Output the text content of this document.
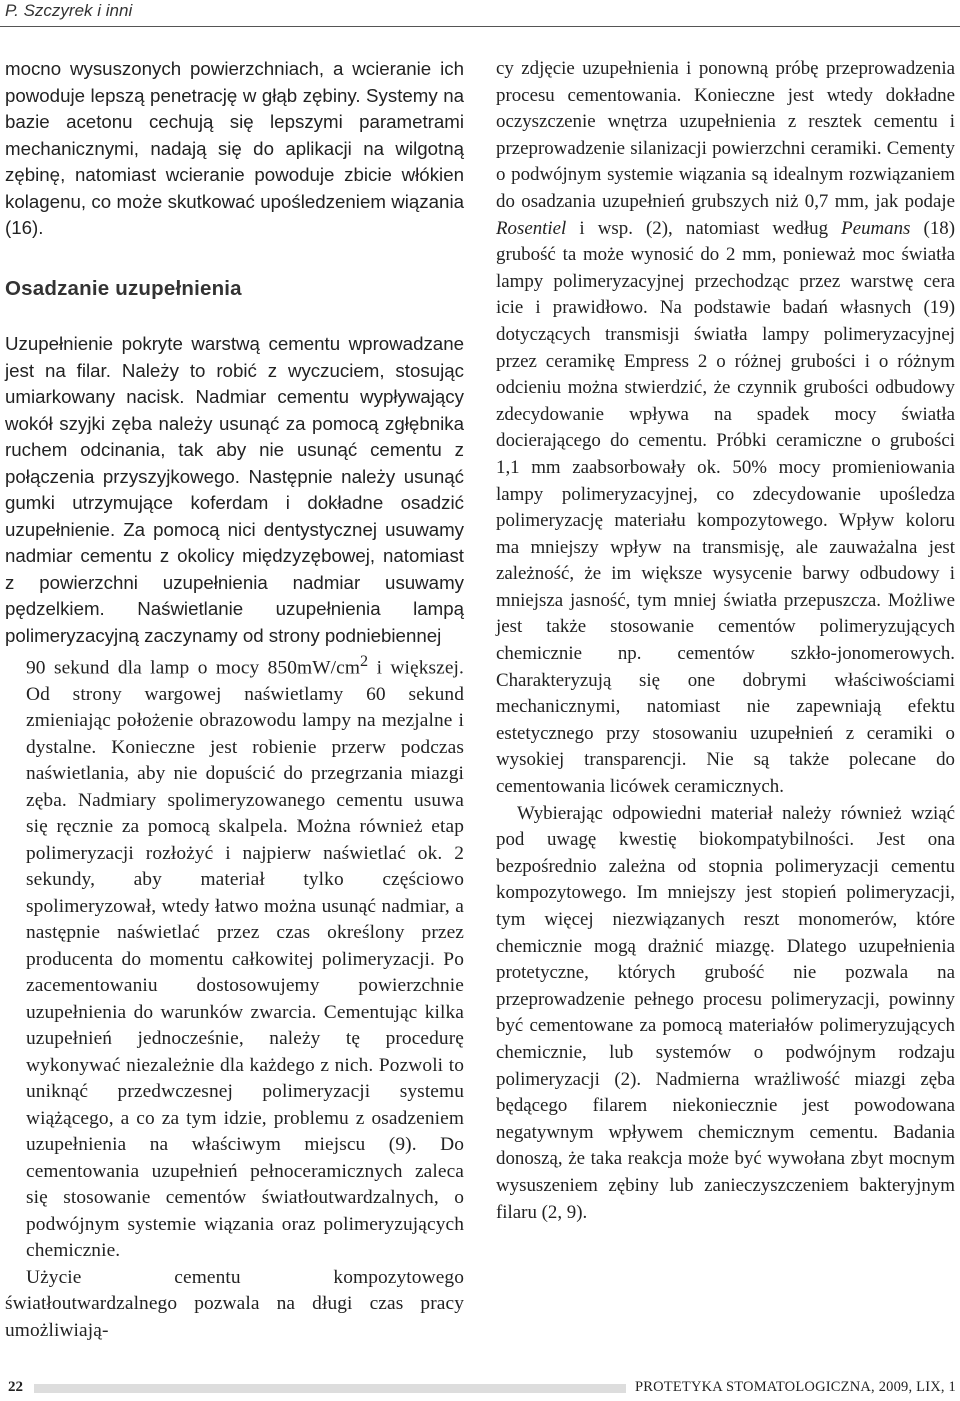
P. Szczyrek i inni

mocno wysuszonych powierzchniach, a wcieranie ich powoduje lepszą penetrację w głąb zębiny. Systemy na bazie acetonu cechują się lepszymi parametrami mechanicznymi, nadają się do aplikacji na wilgotną zębinę, natomiast wcieranie powoduje zbicie włókien kolagenu, co może skutkować upośledzeniem wiązania (16).

Osadzanie uzupełnienia

Uzupełnienie pokryte warstwą cementu wprowadzane jest na filar. Należy to robić z wyczuciem, stosując umiarkowany nacisk. Nadmiar cementu wypływający wokół szyjki zęba należy usunąć za pomocą zgłębnika ruchem odcinania, tak aby nie usunąć cementu z połączenia przyszyjkowego. Następnie należy usunąć gumki utrzymujące koferdam i dokładne osadzić uzupełnienie. Za pomocą nici dentystycznej usuwamy nadmiar cementu z okolicy międzyzębowej, natomiast z powierzchni uzupełnienia nadmiar usuwamy pędzelkiem. Naświetlanie uzupełnienia lampą polimeryzacyjną zaczynamy od strony podniebiennej

90 sekund dla lamp o mocy $850mW/cm^2$ i większej. Od strony wargowej naświetlamy 60 sekund zmieniając położenie obrazowodu lampy na mezjalne i dystalne. Konieczne jest robienie przerw podczas naświetlania, aby nie dopuścić do przegrzania miazgi zęba. Nadmiary spolimeryzowanego cementu usuwa się ręcznie za pomocą skalpela. Można również etap polimeryzacji rozłożyć i najpierw naświetlać ok. 2 sekundy, aby materiał tylko częściowo spolimeryzował, wtedy łatwo można usunąć nadmiar, a następnie naświetlać przez czas określony przez producenta do momentu całkowitej polimeryzacji. Po zacementowaniu dostosowujemy powierzchnie uzupełnienia do warunków zwarcia. Cementując kilka uzupełnień jednocześnie, należy tę procedurę wykonywać niezależnie dla każdego z nich. Pozwoli to uniknąć przedwczesnej polimeryzacji systemu wiążącego, a co za tym idzie, problemu z osadzeniem uzupełnienia na właściwym miejscu (9). Do cementowania uzupełnień pełnoceramicznych zaleca się stosowanie cementów światłoutwardzalnych, o podwójnym systemie wiązania oraz polimeryzujących chemicznie.

Użycie cementu kompozytowego światłoutwardzalnego pozwala na długi czas pracy umożliwiają-

cy zdjęcie uzupełnienia i ponowną próbę przeprowadzenia procesu cementowania. Konieczne jest wtedy dokładne oczyszczenie wnętrza uzupełnienia z resztek cementu i przeprowadzenie silanizacji powierzchni ceramiki. Cementy o podwójnym systemie wiązania są idealnym rozwiązaniem do osadzania uzupełnień grubszych niż 0,7 mm, jak podaje Rosentiel i wsp. (2), natomiast według Peumans (18) grubość ta może wynosić do 2 mm, ponieważ moc światła lampy polimeryzacyjnej przechodząc przez warstwę cera icie i prawidłowo. Na podstawie badań własnych (19) dotyczących transmisji światła lampy polimeryzacyjnej przez ceramikę Empress 2 o różnej grubości i o różnym odcieniu można stwierdzić, że czynnik grubości odbudowy zdecydowanie wpływa na spadek mocy światła docierającego do cementu. Próbki ceramiczne o grubości 1,1 mm zaabsorbowały ok. 50% mocy promieniowania lampy polimeryzacyjnej, co zdecydowanie upośledza polimeryzację materiału kompozytowego. Wpływ koloru ma mniejszy wpływ na transmisję, ale zauważalna jest zależność, że im większe wysycenie barwy odbudowy i mniejsza jasność, tym mniej światła przepuszcza. Możliwe jest także stosowanie cementów polimeryzujących chemicznie np. cementów szkło-jonomerowych. Charakteryzują się one dobrymi właściwościami mechanicznymi, natomiast nie zapewniają efektu estetycznego przy stosowaniu uzupełnień z ceramiki o wysokiej transparencji. Nie są także polecane do cementowania licówek ceramicznych.

Wybierając odpowiedni materiał należy również wziąć pod uwagę kwestię biokompatybilności. Jest ona bezpośrednio zależna od stopnia polimeryzacji cementu kompozytowego. Im mniejszy jest stopień polimeryzacji, tym więcej niezwiązanych reszt monomerów, które chemicznie mogą drażnić miazgę. Dlatego uzupełnienia protetyczne, których grubość nie pozwala na przeprowadzenie pełnego procesu polimeryzacji, powinny być cementowane za pomocą materiałów polimeryzujących chemicznie, lub systemów o podwójnym rodzaju polimeryzacji (2). Nadmierna wrażliwość miazgi zęba będącego filarem niekoniecznie jest powodowana negatywnym wpływem chemicznym cementu. Badania donoszą, że taka reakcja może być wywołana zbyt mocnym wysuszeniem zębiny lub zanieczyszczeniem bakteryjnym filaru (2, 9).

22	PROTETYKA STOMATOLOGICZNA, 2009, LIX, 1
